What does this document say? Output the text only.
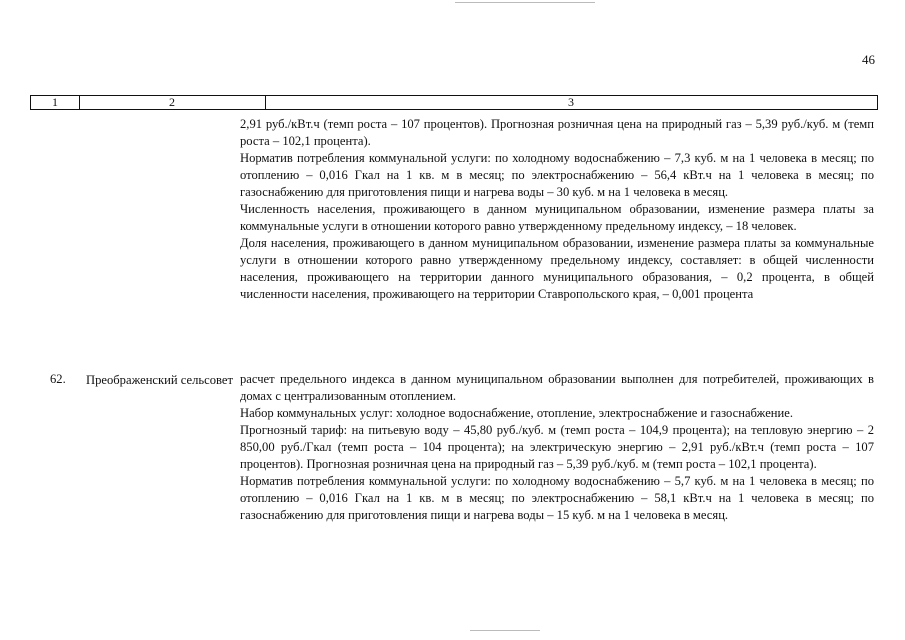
46
1	2	3

2,91 руб./кВт.ч (темп роста – 107 процентов). Прогнозная розничная цена на природный газ – 5,39 руб./куб. м (темп роста – 102,1 процента).

Норматив потребления коммунальной услуги: по холодному водоснабжению – 7,3 куб. м на 1 человека в месяц; по отоплению – 0,016 Гкал на 1 кв. м в месяц; по электроснабжению – 56,4 кВт.ч на 1 человека в месяц; по газоснабжению для приготовления пищи и нагрева воды – 30 куб. м на 1 человека в месяц.

Численность населения, проживающего в данном муниципальном образовании, изменение размера платы за коммунальные услуги в отношении которого равно утвержденному предельному индексу, – 18 человек.

Доля населения, проживающего в данном муниципальном образовании, изменение размера платы за коммунальные услуги в отношении которого равно утвержденному предельному индексу, составляет: в общей численности населения, проживающего на территории данного муниципального образования, – 0,2 процента, в общей численности населения, проживающего на территории Ставропольского края, – 0,001 процента

62. Преображенский сельсовет расчет предельного индекса в данном муниципальном образовании выполнен для потребителей, проживающих в домах с централизованным отоплением.

Набор коммунальных услуг: холодное водоснабжение, отопление, электроснабжение и газоснабжение.

Прогнозный тариф: на питьевую воду – 45,80 руб./куб. м (темп роста – 104,9 процента); на тепловую энергию – 2 850,00 руб./Гкал (темп роста – 104 процента); на электрическую энергию – 2,91 руб./кВт.ч (темп роста – 107 процентов). Прогнозная розничная цена на природный газ – 5,39 руб./куб. м (темп роста – 102,1 процента).

Норматив потребления коммунальной услуги: по холодному водоснабжению – 5,7 куб. м на 1 человека в месяц; по отоплению – 0,016 Гкал на 1 кв. м в месяц; по электроснабжению – 58,1 кВт.ч на 1 человека в месяц; по газоснабжению для приготовления пищи и нагрева воды – 15 куб. м на 1 человека в месяц.
